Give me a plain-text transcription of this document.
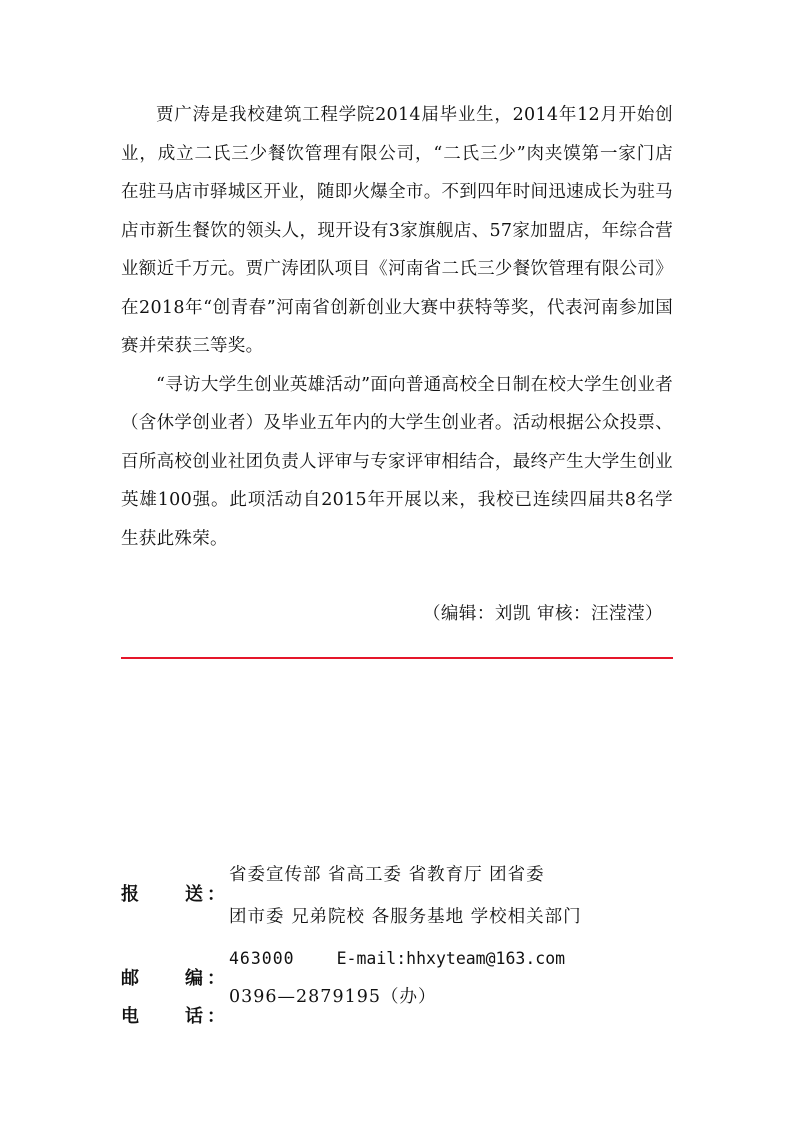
贾广涛是我校建筑工程学院2014届毕业生，2014年12月开始创业，成立二氏三少餐饮管理有限公司，“二氏三少”肉夹馍第一家门店在驻马店市驿城区开业，随即火爆全市。不到四年时间迅速成长为驻马店市新生餐饮的领头人，现开设有3家旗舰店、57家加盟店，年综合营业额近千万元。贾广涛团队项目《河南省二氏三少餐饮管理有限公司》在2018年“创青春”河南省创新创业大赛中获特等奖，代表河南参加国赛并荣获三等奖。

“寻访大学生创业英雄活动”面向普通高校全日制在校大学生创业者（含休学创业者）及毕业五年内的大学生创业者。活动根据公众投票、百所高校创业社团负责人评审与专家评审相结合，最终产生大学生创业英雄100强。此项活动自2015年开展以来，我校已连续四届共8名学生获此殊荣。

（编辑：刘凯 审核：汪滢滢）
报	送 ：
省委宣传部 省高工委 省教育厅 团省委
团市委 兄弟院校 各服务基地 学校相关部门
邮	编 ：
463000	E-mail:hhxyteam@163.com
电	话 ：
0396—2879195（办）
